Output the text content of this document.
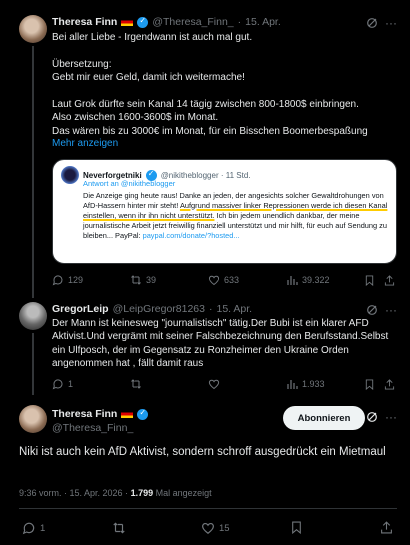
Theresa Finn ✓	@Theresa_Finn_ · 15. Apr.	···
Bei aller Liebe - Irgendwann ist auch mal gut.

Übersetzung:
Gebt mir euer Geld, damit ich weitermache!

Laut Grok dürfte sein Kanal 14 tägig zwischen 800-1800$ einbringen.
Also zwischen 1600-3600$ im Monat.
Das wären bis zu 3000€ im Monat, für ein Bisschen Boomerbespaßung
Mehr anzeigen
Neverforgetniki ✓ @nikitheblogger · 11 Std.
Antwort an @nikitheblogger
Die Anzeige ging heute raus! Danke an jeden, der angesichts solcher Gewaltdrohungen von AfD-Hassern hinter mir steht! Aufgrund massiver linker Repressionen werde ich diesen Kanal einstellen, wenn ihr ihn nicht unterstützt. Ich bin jedem unendlich dankbar, der meine journalistische Arbeit jetzt freiwillig finanziell unterstützt und mir hilft, für euch auf Sendung zu bleiben... PayPal: paypal.com/donate/?hosted...
129	39	633	39.322
GregorLeip @LeipGregor81263 · 15. Apr.	···
Der Mann ist keinesweg "journalistisch" tätig.Der Bubi ist ein klarer AFD Aktivist.Und vergrämt mit seiner Falschbezeichnung den Berufsstand.Selbst ein Ulfposch, der im Gegensatz zu Ronzheimer den Ukraine Orden angenommen hat , fällt damit raus
1	1.933
Theresa Finn
✓
@Theresa_Finn_
Abonnieren	···
Niki ist auch kein AfD Aktivist, sondern schroff ausgedrückt ein Mietmaul
9:36 vorm. · 15. Apr. 2026 · 1.799 Mal angezeigt
1	15
